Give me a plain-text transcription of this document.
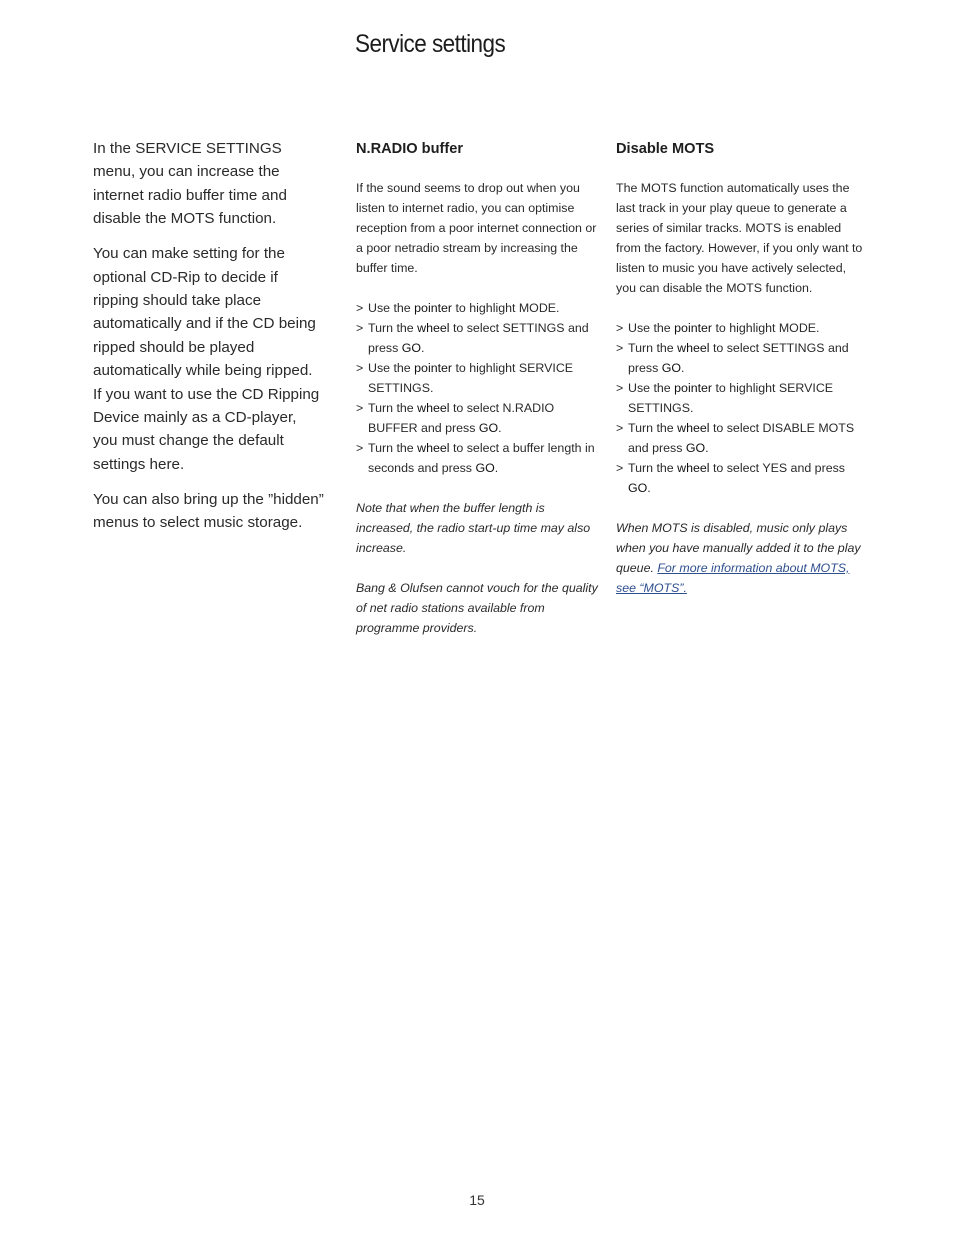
Service settings

In the SERVICE SETTINGS menu, you can increase the internet radio buffer time and disable the MOTS function.

You can make setting for the optional CD-Rip to decide if ripping should take place automatically and if the CD being ripped should be played automatically while being ripped. If you want to use the CD Ripping Device mainly as a CD-player, you must change the default settings here.

You can also bring up the ”hidden” menus to select music storage.

N.RADIO buffer

If the sound seems to drop out when you listen to internet radio, you can optimise reception from a poor internet connection or a poor netradio stream by increasing the buffer time.

> Use the pointer to highlight MODE.
> Turn the wheel to select SETTINGS and press GO.
> Use the pointer to highlight SERVICE SETTINGS.
> Turn the wheel to select N.RADIO BUFFER and press GO.
> Turn the wheel to select a buffer length in seconds and press GO.

Note that when the buffer length is increased, the radio start-up time may also increase.

Bang & Olufsen cannot vouch for the quality of net radio stations available from programme providers.

Disable MOTS

The MOTS function automatically uses the last track in your play queue to generate a series of similar tracks. MOTS is enabled from the factory. However, if you only want to listen to music you have actively selected, you can disable the MOTS function.

> Use the pointer to highlight MODE.
> Turn the wheel to select SETTINGS and press GO.
> Use the pointer to highlight SERVICE SETTINGS.
> Turn the wheel to select DISABLE MOTS and press GO.
> Turn the wheel to select YES and press GO.

When MOTS is disabled, music only plays when you have manually added it to the play queue. For more information about MOTS, see “MOTS”.

15
